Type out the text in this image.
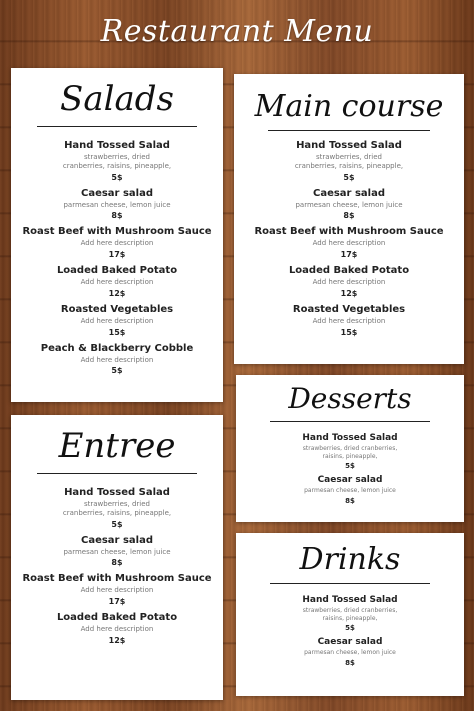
Restaurant Menu
Salads
Hand Tossed Salad
strawberries, dried cranberries, raisins, pineapple,
5$
Caesar salad
parmesan cheese, lemon juice
8$
Roast Beef with Mushroom Sauce
Add here description
17$
Loaded Baked Potato
Add here description
12$
Roasted Vegetables
Add here description
15$
Peach & Blackberry Cobble
Add here description
5$
Main course
Hand Tossed Salad
strawberries, dried cranberries, raisins, pineapple,
5$
Caesar salad
parmesan cheese, lemon juice
8$
Roast Beef with Mushroom Sauce
Add here description
17$
Loaded Baked Potato
Add here description
12$
Roasted Vegetables
Add here description
15$
Entree
Hand Tossed Salad
strawberries, dried cranberries, raisins, pineapple,
5$
Caesar salad
parmesan cheese, lemon juice
8$
Roast Beef with Mushroom Sauce
Add here description
17$
Loaded Baked Potato
Add here description
12$
Desserts
Hand Tossed Salad
strawberries, dried cranberries, raisins, pineapple,
5$
Caesar salad
parmesan cheese, lemon juice
8$
Drinks
Hand Tossed Salad
strawberries, dried cranberries, raisins, pineapple,
5$
Caesar salad
parmesan cheese, lemon juice
8$
